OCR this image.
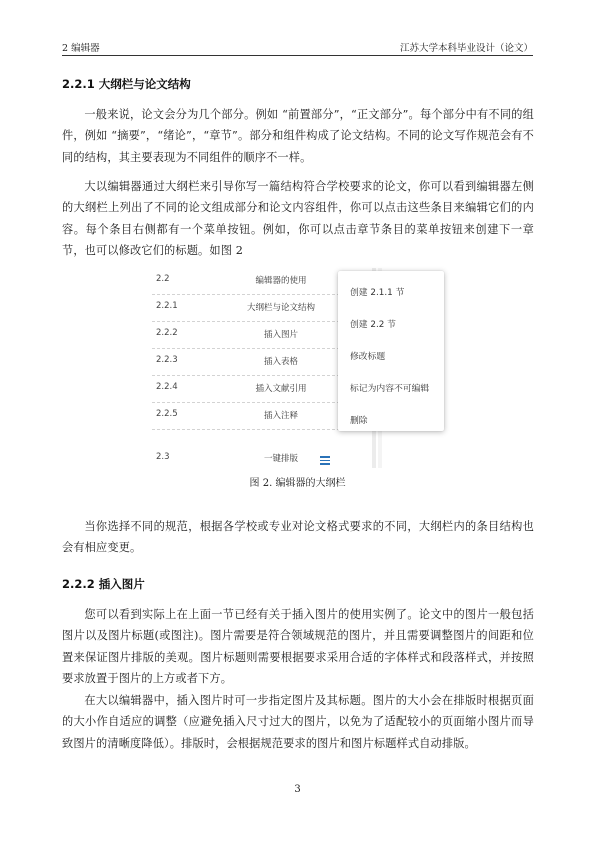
2 编辑器	江苏大学本科毕业设计（论文）
2.2.1 大纲栏与论文结构

一般来说，论文会分为几个部分。例如 “前置部分”，“正文部分”。每个部分中有不同的组件，例如 “摘要”，“绪论”，“章节”。部分和组件构成了论文结构。不同的论文写作规范会有不同的结构，其主要表现为不同组件的顺序不一样。

大以编辑器通过大纲栏来引导你写一篇结构符合学校要求的论文，你可以看到编辑器左侧的大纲栏上列出了不同的论文组成部分和论文内容组件，你可以点击这些条目来编辑它们的内容。每个条目右侧都有一个菜单按钮。例如，你可以点击章节条目的菜单按钮来创建下一章节，也可以修改它们的标题。如图 2

2.2	编辑器的使用
2.2.1	大纲栏与论文结构
2.2.2	插入图片
2.2.3	插入表格
2.2.4	插入文献引用
2.2.5	插入注释
2.3	一键排版
创建 2.1.1 节
创建 2.2 节
修改标题
标记为内容不可编辑
删除
图 2. 编辑器的大纲栏

当你选择不同的规范，根据各学校或专业对论文格式要求的不同，大纲栏内的条目结构也会有相应变更。

2.2.2 插入图片

您可以看到实际上在上面一节已经有关于插入图片的使用实例了。论文中的图片一般包括图片以及图片标题(或图注)。图片需要是符合领域规范的图片，并且需要调整图片的间距和位置来保证图片排版的美观。图片标题则需要根据要求采用合适的字体样式和段落样式，并按照要求放置于图片的上方或者下方。

在大以编辑器中，插入图片时可一步指定图片及其标题。图片的大小会在排版时根据页面的大小作自适应的调整（应避免插入尺寸过大的图片，以免为了适配较小的页面缩小图片而导致图片的清晰度降低）。排版时，会根据规范要求的图片和图片标题样式自动排版。

3
